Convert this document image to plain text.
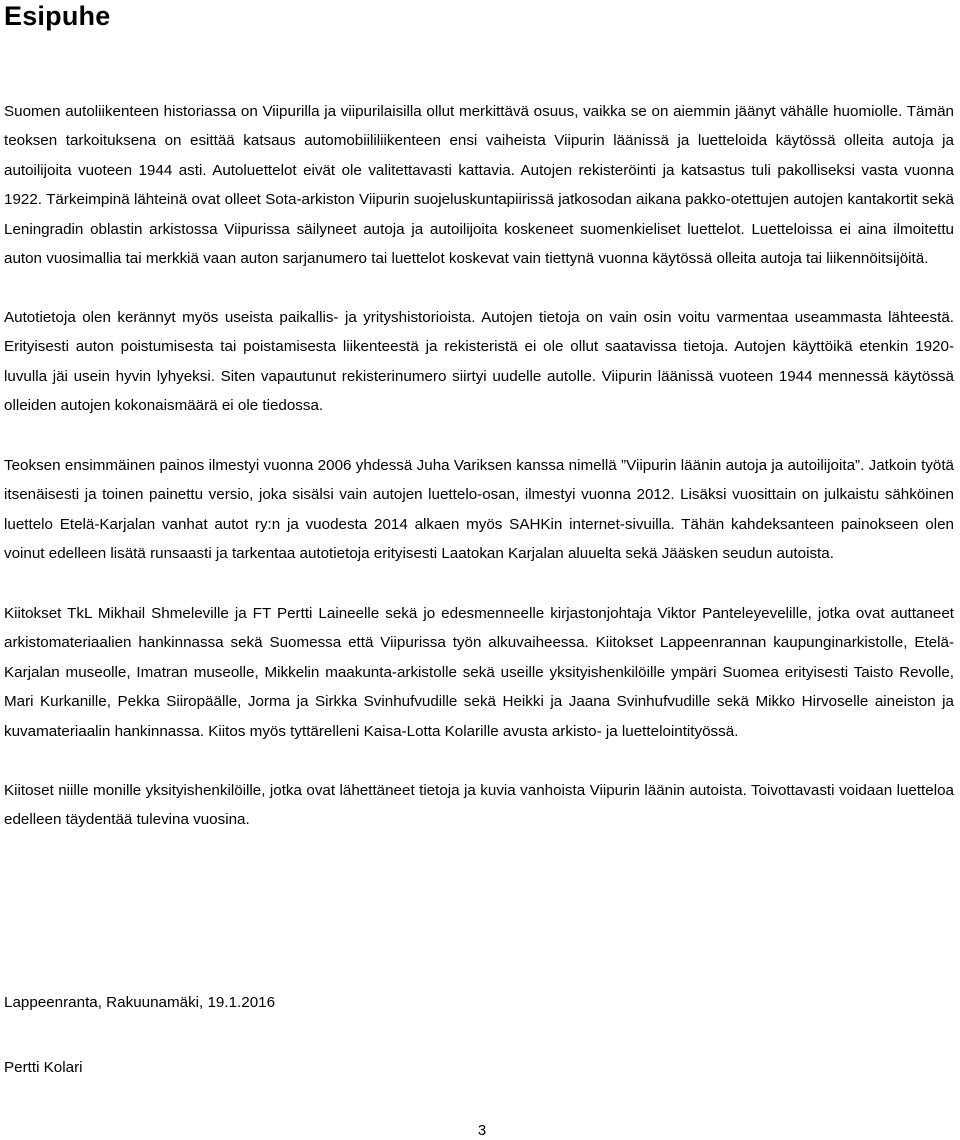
Esipuhe

Suomen autoliikenteen historiassa on Viipurilla ja viipurilaisilla ollut merkittävä osuus, vaikka se on aiemmin jäänyt vähälle huomiolle. Tämän teoksen tarkoituksena on esittää katsaus automobiililiikenteen ensi vaiheista Viipurin läänissä ja luetteloida käytössä olleita autoja ja autoilijoita vuoteen 1944 asti. Autoluettelot eivät ole valitettavasti kattavia. Autojen rekisteröinti ja katsastus tuli pakolliseksi vasta vuonna 1922. Tärkeimpinä lähteinä ovat olleet Sota-arkiston Viipurin suojeluskuntapiirissä jatkosodan aikana pakko-otettujen autojen kantakortit sekä Leningradin oblastin arkistossa Viipurissa säilyneet autoja ja autoilijoita koskeneet suomenkieliset luettelot. Luetteloissa ei aina ilmoitettu auton vuosimallia tai merkkiä vaan auton sarjanumero tai luettelot koskevat vain tiettynä vuonna käytössä olleita autoja tai liikennöitsijöitä.

Teoksen ensimmäinen painos ilmestyi vuonna 2006 yhdessä Juha Variksen kanssa nimellä ”Viipurin läänin autoja ja autoilijoita”. Jatkoin työtä itsenäisesti ja toinen painettu versio, joka sisälsi vain autojen luettelo-osan, ilmestyi vuonna 2012. Lisäksi vuosittain on julkaistu sähköinen luettelo Etelä-Karjalan vanhat autot ry:n ja vuodesta 2014 alkaen myös SAHKin internet-sivuilla. Tähän kahdeksanteen painokseen olen voinut edelleen lisätä runsaasti ja tarkentaa autotietoja erityisesti Laatokan Karjalan aluuelta sekä Jääsken seudun autoista.

Kiitokset TkL Mikhail Shmeleville ja FT Pertti Laineelle sekä jo edesmenneelle kirjastonjohtaja Viktor Panteleyevelille, jotka ovat auttaneet arkistomateriaalien hankinnassa sekä Suomessa että Viipurissa työn alkuvaiheessa. Kiitokset Lappeenrannan kaupunginarkistolle, Etelä-Karjalan museolle, Imatran museolle, Mikkelin maakunta-arkistolle sekä useille yksityishenkilöille ympäri Suomea erityisesti Taisto Revolle, Mari Kurkanille, Pekka Siiropäälle, Jorma ja Sirkka Svinhufvudille sekä Heikki ja Jaana Svinhufvudille sekä Mikko Hirvoselle aineiston ja kuvamateriaalin hankinnassa. Kiitos myös tyttärelleni Kaisa-Lotta Kolarille avusta arkisto- ja luettelointityössä.

Kiitoset niille monille yksityishenkilöille, jotka ovat lähettäneet tietoja ja kuvia vanhoista Viipurin läänin autoista. Toivottavasti voidaan luetteloa edelleen täydentää tulevina vuosina.

Autotietoja olen kerännyt myös useista paikallis- ja yrityshistorioista. Autojen tietoja on vain osin voitu varmentaa useammasta lähteestä. Erityisesti auton poistumisesta tai poistamisesta liikenteestä ja rekisteristä ei ole ollut saatavissa tietoja. Autojen käyttöikä etenkin 1920-luvulla jäi usein hyvin lyhyeksi. Siten vapautunut rekisterinumero siirtyi uudelle autolle. Viipurin läänissä vuoteen 1944 mennessä käytössä olleiden autojen kokonaismäärä ei ole tiedossa.

Lappeenranta, Rakuunamäki, 19.1.2016

Pertti Kolari

3
